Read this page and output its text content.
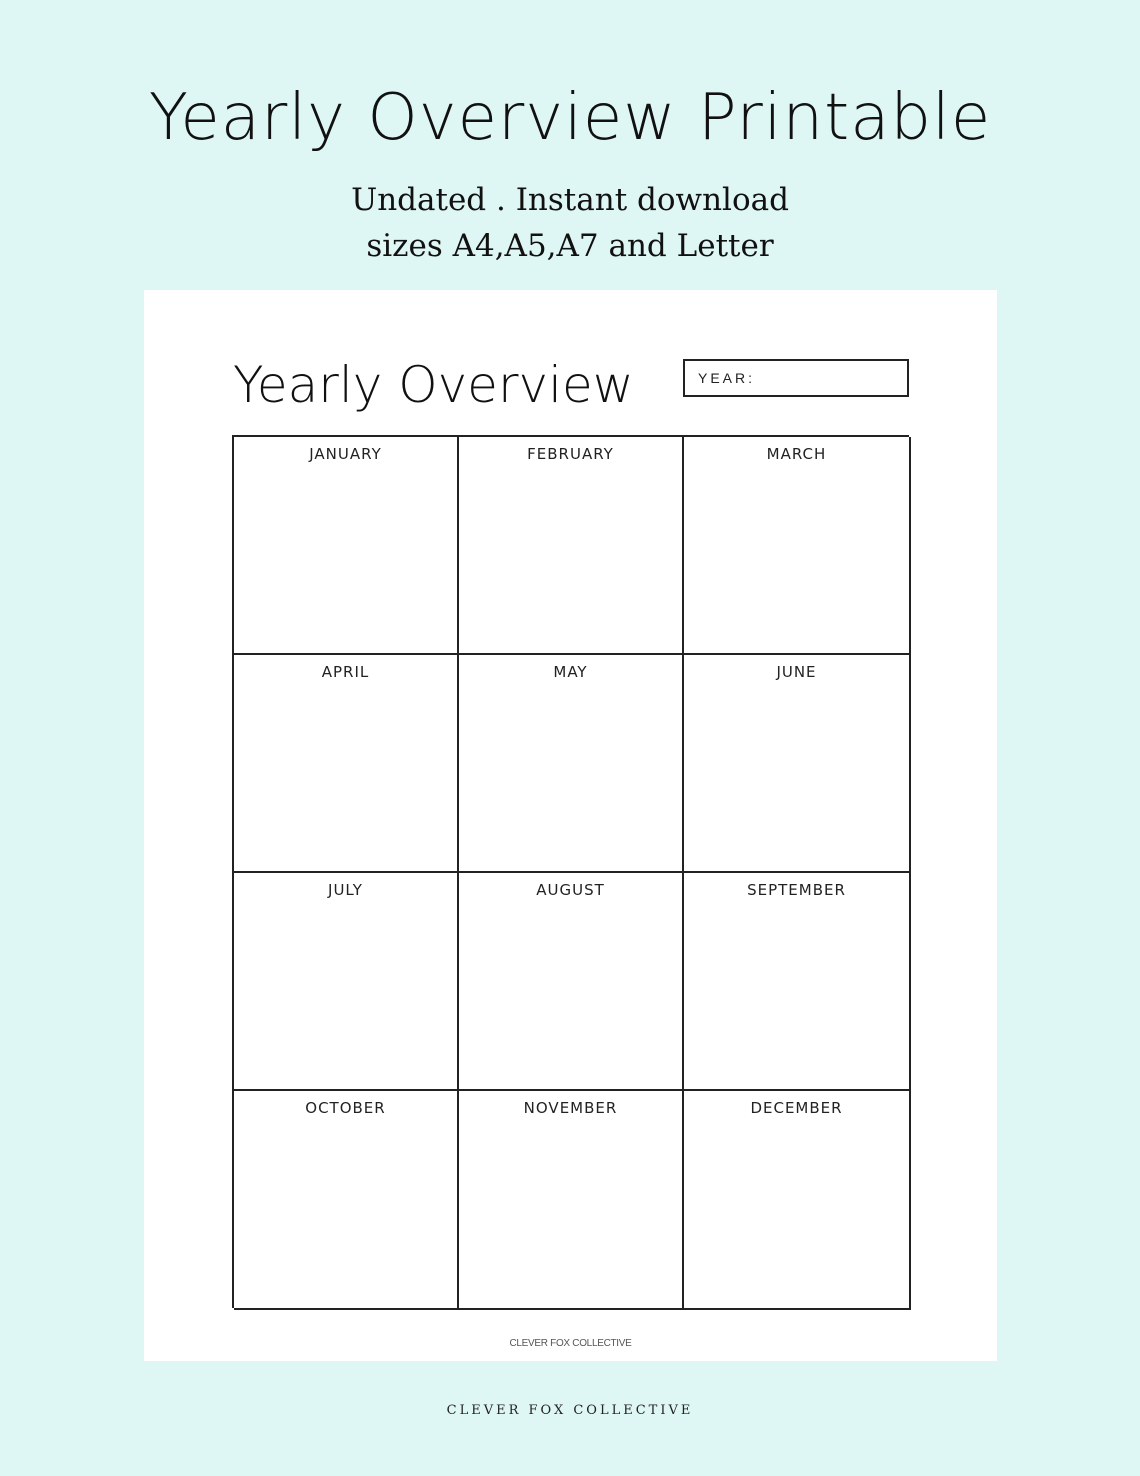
Yearly Overview Printable
Undated . Instant download
sizes A4,A5,A7 and Letter
Yearly Overview	YEAR:
JANUARY	FEBRUARY	MARCH
APRIL	MAY	JUNE
JULY	AUGUST	SEPTEMBER
OCTOBER	NOVEMBER	DECEMBER
CLEVER FOX COLLECTIVE
CLEVER FOX COLLECTIVE
